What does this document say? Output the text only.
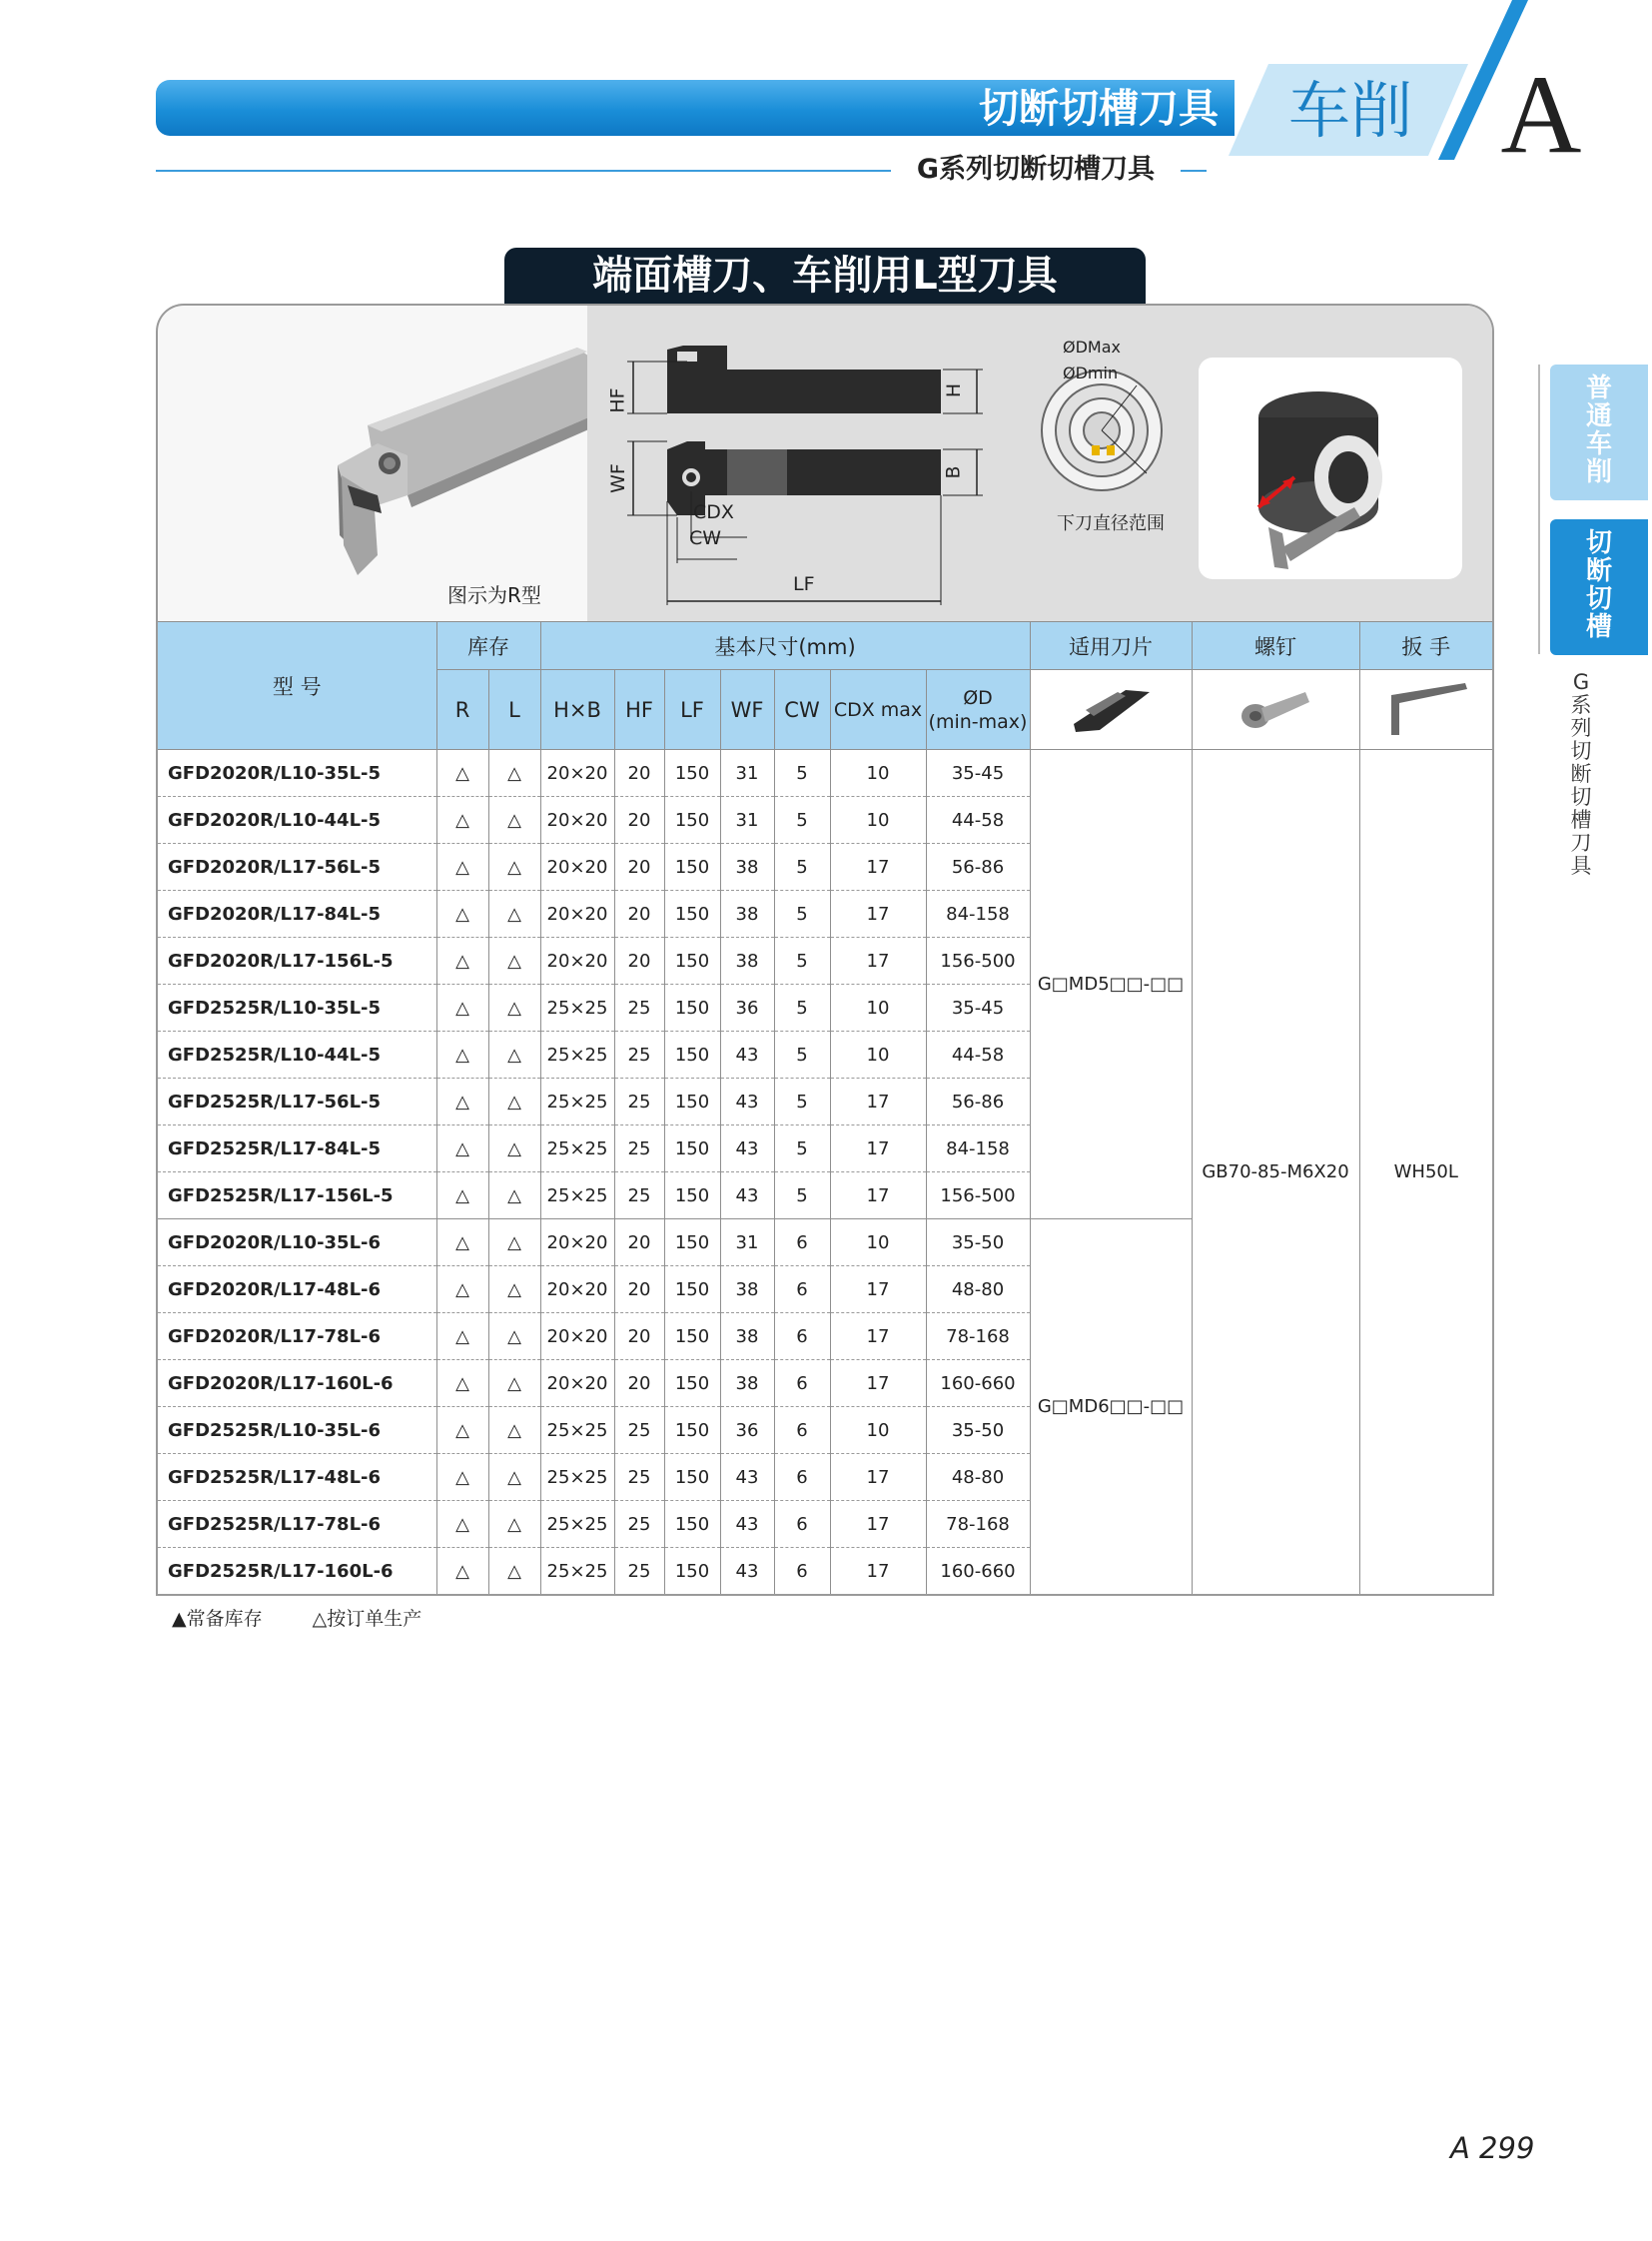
切断切槽刀具	车削 A
G系列切断切槽刀具
普通车削
切断切槽
G系列切断切槽刀具
端面槽刀、车削用L型刀具
图示为R型
HF	H
WF	B
CDX
CW
LF
ØDMax
ØDmin
下刀直径范围
型 号	库存		基本尺寸(mm)							适用刀片	螺钉	扳 手
	R	L	H×B	HF	LF	WF	CW	CDX max	ØD
(min-max)

GFD2020R/L10-35L-5	△	△	20×20	20	150	31	5	10	35-45	G□MD5□□-□□	GB70-85-M6X20	WH50L
GFD2020R/L10-44L-5	△	△	20×20	20	150	31	5	10	44-58			
GFD2020R/L17-56L-5	△	△	20×20	20	150	38	5	17	56-86			
GFD2020R/L17-84L-5	△	△	20×20	20	150	38	5	17	84-158			
GFD2020R/L17-156L-5	△	△	20×20	20	150	38	5	17	156-500			
GFD2525R/L10-35L-5	△	△	25×25	25	150	36	5	10	35-45			
GFD2525R/L10-44L-5	△	△	25×25	25	150	43	5	10	44-58			
GFD2525R/L17-56L-5	△	△	25×25	25	150	43	5	17	56-86			
GFD2525R/L17-84L-5	△	△	25×25	25	150	43	5	17	84-158			
GFD2525R/L17-156L-5	△	△	25×25	25	150	43	5	17	156-500			
GFD2020R/L10-35L-6	△	△	20×20	20	150	31	6	10	35-50	G□MD6□□-□□		
GFD2020R/L17-48L-6	△	△	20×20	20	150	38	6	17	48-80			
GFD2020R/L17-78L-6	△	△	20×20	20	150	38	6	17	78-168			
GFD2020R/L17-160L-6	△	△	20×20	20	150	38	6	17	160-660			
GFD2525R/L10-35L-6	△	△	25×25	25	150	36	6	10	35-50			
GFD2525R/L17-48L-6	△	△	25×25	25	150	43	6	17	48-80			
GFD2525R/L17-78L-6	△	△	25×25	25	150	43	6	17	78-168			
GFD2525R/L17-160L-6	△	△	25×25	25	150	43	6	17	160-660			
▲常备库存	△按订单生产
A 299
